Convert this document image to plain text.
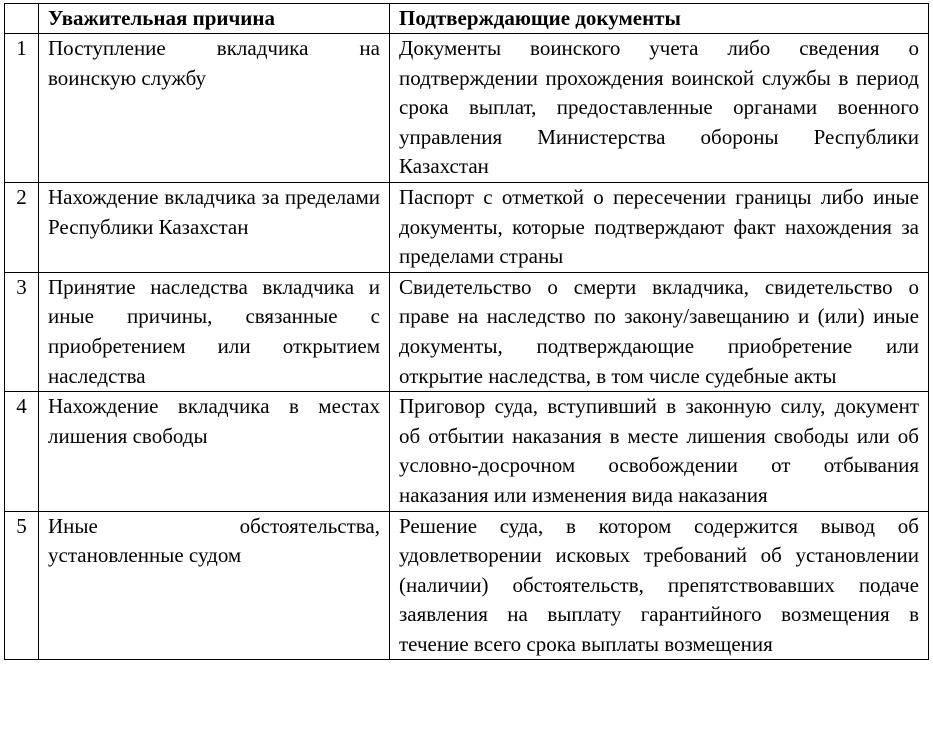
	Уважительная причина	Подтверждающие документы
1	Поступление вкладчика на воинскую службу	Документы воинского учета либо сведения о подтверждении прохождения воинской службы в период срока выплат, предоставленные органами военного управления Министерства обороны Республики Казахстан
2	Нахождение вкладчика за пределами Республики Казахстан	Паспорт с отметкой о пересечении границы либо иные документы, которые подтверждают факт нахождения за пределами страны
3	Принятие наследства вкладчика и иные причины, связанные с приобретением или открытием наследства	Свидетельство о смерти вкладчика, свидетельство о праве на наследство по закону/завещанию и (или) иные документы, подтверждающие приобретение или открытие наследства, в том числе судебные акты
4	Нахождение вкладчика в местах лишения свободы	Приговор суда, вступивший в законную силу, документ об отбытии наказания в месте лишения свободы или об условно-досрочном освобождении от отбывания наказания или изменения вида наказания
5	Иные обстоятельства, установленные судом	Решение суда, в котором содержится вывод об удовлетворении исковых требований об установлении (наличии) обстоятельств, препятствовавших подаче заявления на выплату гарантийного возмещения в течение всего срока выплаты возмещения
